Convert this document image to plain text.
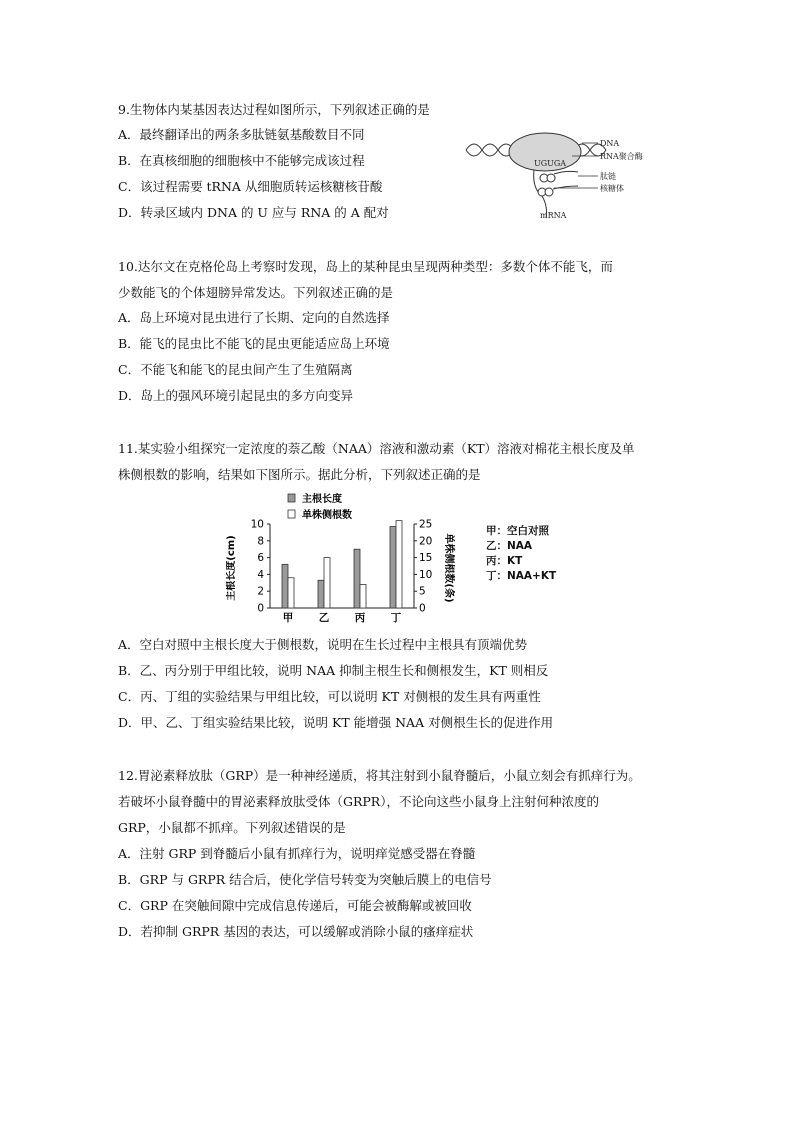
9.生物体内某基因表达过程如图所示，下列叙述正确的是
A．最终翻译出的两条多肽链氨基酸数目不同
B．在真核细胞的细胞核中不能够完成该过程
C．该过程需要 tRNA 从细胞质转运核糖核苷酸
D．转录区域内 DNA 的 U 应与 RNA 的 A 配对
UGUGA
DNA
RNA聚合酶
肽链
核糖体
mRNA
10.达尔文在克格伦岛上考察时发现，岛上的某种昆虫呈现两种类型：多数个体不能飞，而
少数能飞的个体翅膀异常发达。下列叙述正确的是
A．岛上环境对昆虫进行了长期、定向的自然选择
B．能飞的昆虫比不能飞的昆虫更能适应岛上环境
C．不能飞和能飞的昆虫间产生了生殖隔离
D．岛上的强风环境引起昆虫的多方向变异
11.某实验小组探究一定浓度的萘乙酸（NAA）溶液和激动素（KT）溶液对棉花主根长度及单
株侧根数的影响，结果如下图所示。据此分析，下列叙述正确的是
主根长度
单株侧根数
主根长度(cm)	单株侧根数(条)
0
2
4
6
8
10
0
5
10
15
20
25
甲 乙 丙 丁
甲：空白对照
乙：NAA
丙：KT
丁：NAA+KT
A．空白对照中主根长度大于侧根数，说明在生长过程中主根具有顶端优势
B．乙、丙分别于甲组比较，说明 NAA 抑制主根生长和侧根发生，KT 则相反
C．丙、丁组的实验结果与甲组比较，可以说明 KT 对侧根的发生具有两重性
D．甲、乙、丁组实验结果比较，说明 KT 能增强 NAA 对侧根生长的促进作用
12.胃泌素释放肽（GRP）是一种神经递质，将其注射到小鼠脊髓后，小鼠立刻会有抓痒行为。
若破坏小鼠脊髓中的胃泌素释放肽受体（GRPR），不论向这些小鼠身上注射何种浓度的
GRP，小鼠都不抓痒。下列叙述错误的是
A．注射 GRP 到脊髓后小鼠有抓痒行为，说明痒觉感受器在脊髓
B．GRP 与 GRPR 结合后，使化学信号转变为突触后膜上的电信号
C．GRP 在突触间隙中完成信息传递后，可能会被酶解或被回收
D．若抑制 GRPR 基因的表达，可以缓解或消除小鼠的瘙痒症状
